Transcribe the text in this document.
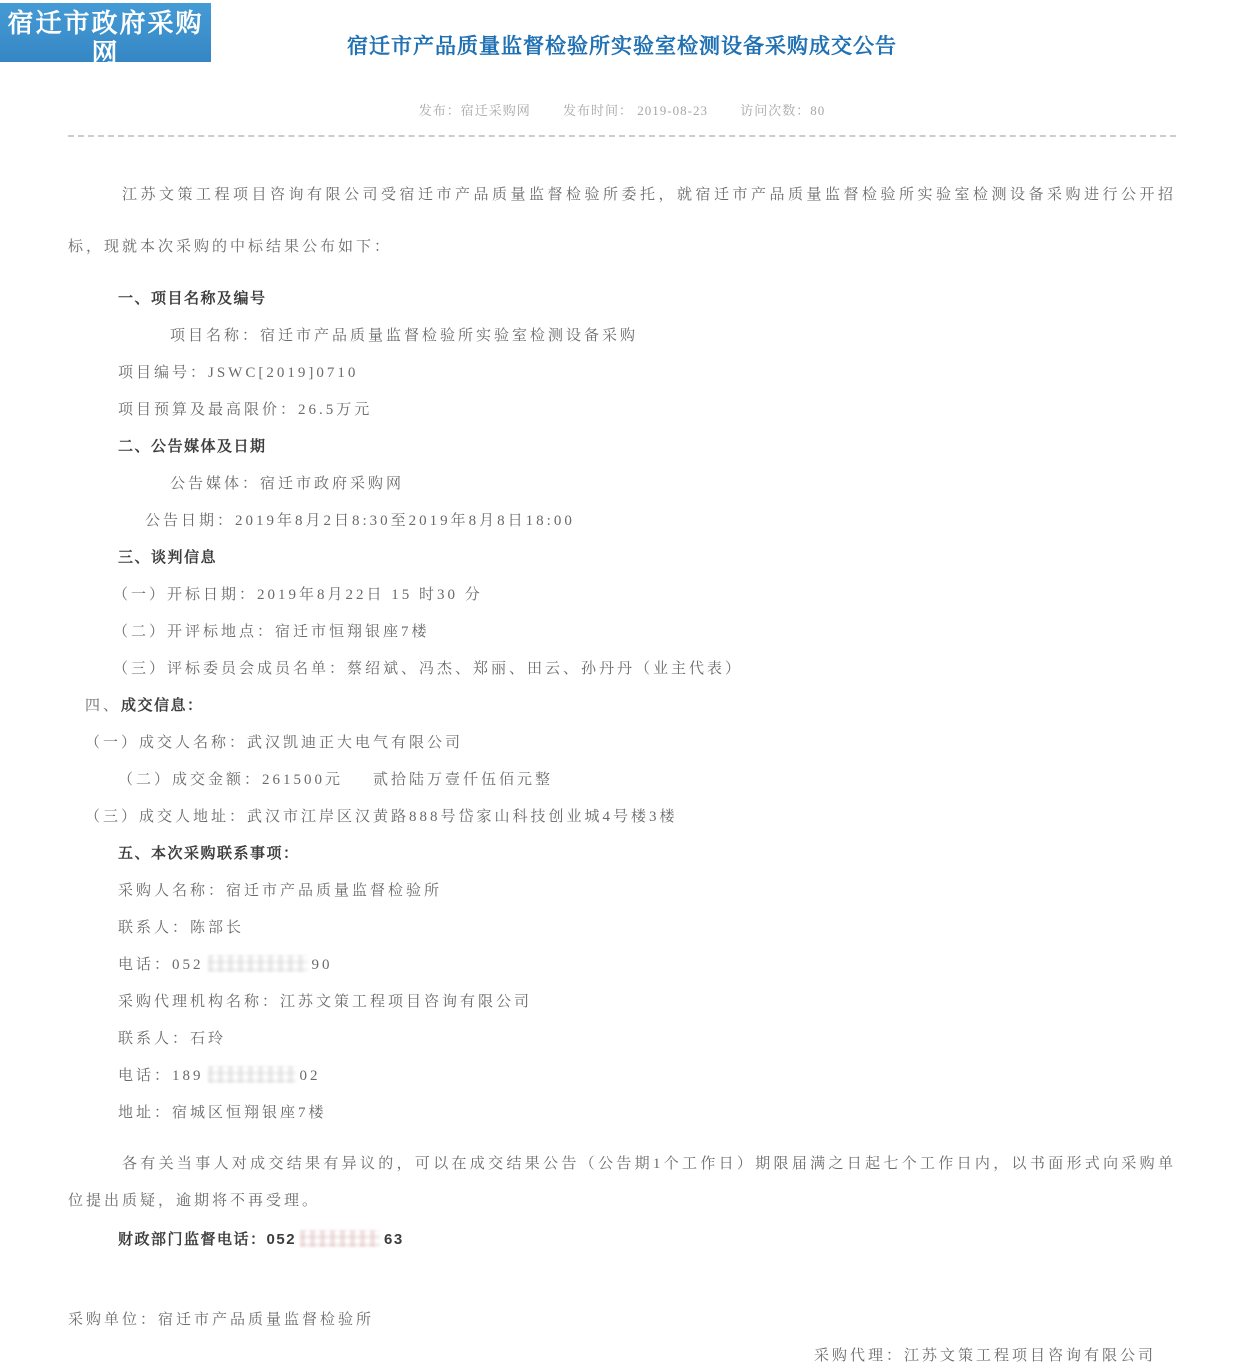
宿迁市政府采购网
SUQIANSHIZHENGFUCAITOUWANG
宿迁市产品质量监督检验所实验室检测设备采购成交公告
发布：宿迁采购网 发布时间： 2019-08-23 访问次数：80

江苏文策工程项目咨询有限公司受宿迁市产品质量监督检验所委托，就宿迁市产品质量监督检验所实验室检测设备采购进行公开招标，现就本次采购的中标结果公布如下：

一、项目名称及编号
项目名称：宿迁市产品质量监督检验所实验室检测设备采购
项目编号：JSWC[2019]0710
项目预算及最高限价：26.5万元
二、公告媒体及日期
公告媒体：宿迁市政府采购网
公告日期：2019年8月2日8:30至2019年8月8日18:00
三、谈判信息
（一）开标日期：2019年8月22日 15 时30 分
（二）开评标地点：宿迁市恒翔银座7楼
（三）评标委员会成员名单：蔡绍斌、冯杰、郑丽、田云、孙丹丹（业主代表）
四、成交信息：
（一）成交人名称：武汉凯迪正大电气有限公司
（二）成交金额：261500元 贰拾陆万壹仟伍佰元整
（三）成交人地址：武汉市江岸区汉黄路888号岱家山科技创业城4号楼3楼
五、本次采购联系事项：
采购人名称：宿迁市产品质量监督检验所
联系人：陈部长
电话：052	90
采购代理机构名称：江苏文策工程项目咨询有限公司
联系人：石玲
电话：189	02
地址：宿城区恒翔银座7楼

各有关当事人对成交结果有异议的，可以在成交结果公告（公告期1个工作日）期限届满之日起七个工作日内，以书面形式向采购单位提出质疑，逾期将不再受理。

财政部门监督电话：052	63
采购单位：宿迁市产品质量监督检验所
采购代理：江苏文策工程项目咨询有限公司
